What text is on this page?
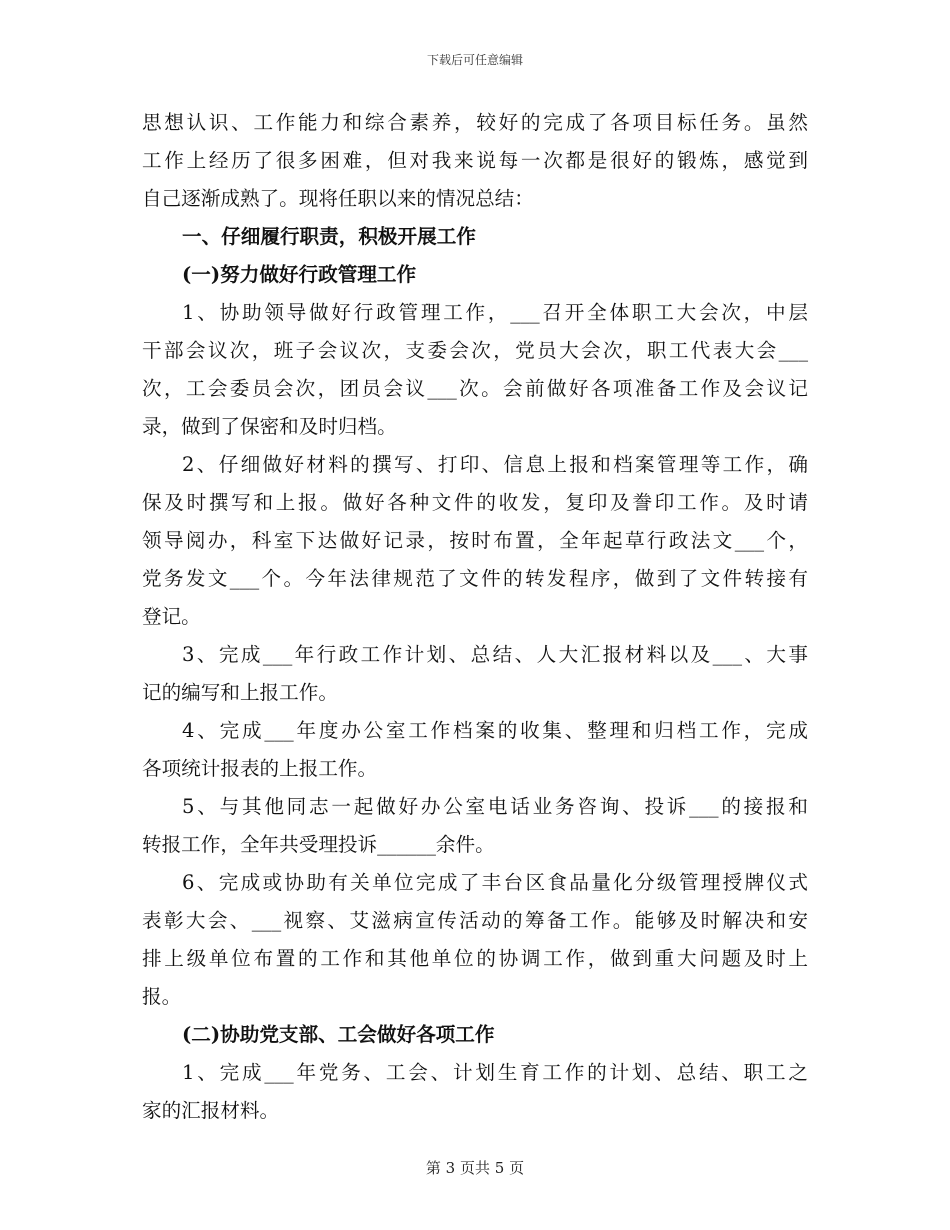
下载后可任意编辑
思想认识、工作能力和综合素养，较好的完成了各项目标任务。虽然
工作上经历了很多困难，但对我来说每一次都是很好的锻炼，感觉到
自己逐渐成熟了。现将任职以来的情况总结：
一、仔细履行职责，积极开展工作
(一)努力做好行政管理工作
1、协助领导做好行政管理工作，___召开全体职工大会次，中层
干部会议次，班子会议次，支委会次，党员大会次，职工代表大会___
次，工会委员会次，团员会议___次。会前做好各项准备工作及会议记
录，做到了保密和及时归档。
2、仔细做好材料的撰写、打印、信息上报和档案管理等工作，确
保及时撰写和上报。做好各种文件的收发，复印及誊印工作。及时请
领导阅办，科室下达做好记录，按时布置，全年起草行政法文___个，
党务发文___个。今年法律规范了文件的转发程序，做到了文件转接有
登记。
3、完成___年行政工作计划、总结、人大汇报材料以及___、大事
记的编写和上报工作。
4、完成___年度办公室工作档案的收集、整理和归档工作，完成
各项统计报表的上报工作。
5、与其他同志一起做好办公室电话业务咨询、投诉___的接报和
转报工作，全年共受理投诉______余件。
6、完成或协助有关单位完成了丰台区食品量化分级管理授牌仪式
表彰大会、___视察、艾滋病宣传活动的筹备工作。能够及时解决和安
排上级单位布置的工作和其他单位的协调工作，做到重大问题及时上
报。
(二)协助党支部、工会做好各项工作
1、完成___年党务、工会、计划生育工作的计划、总结、职工之
家的汇报材料。
第 3 页共 5 页
